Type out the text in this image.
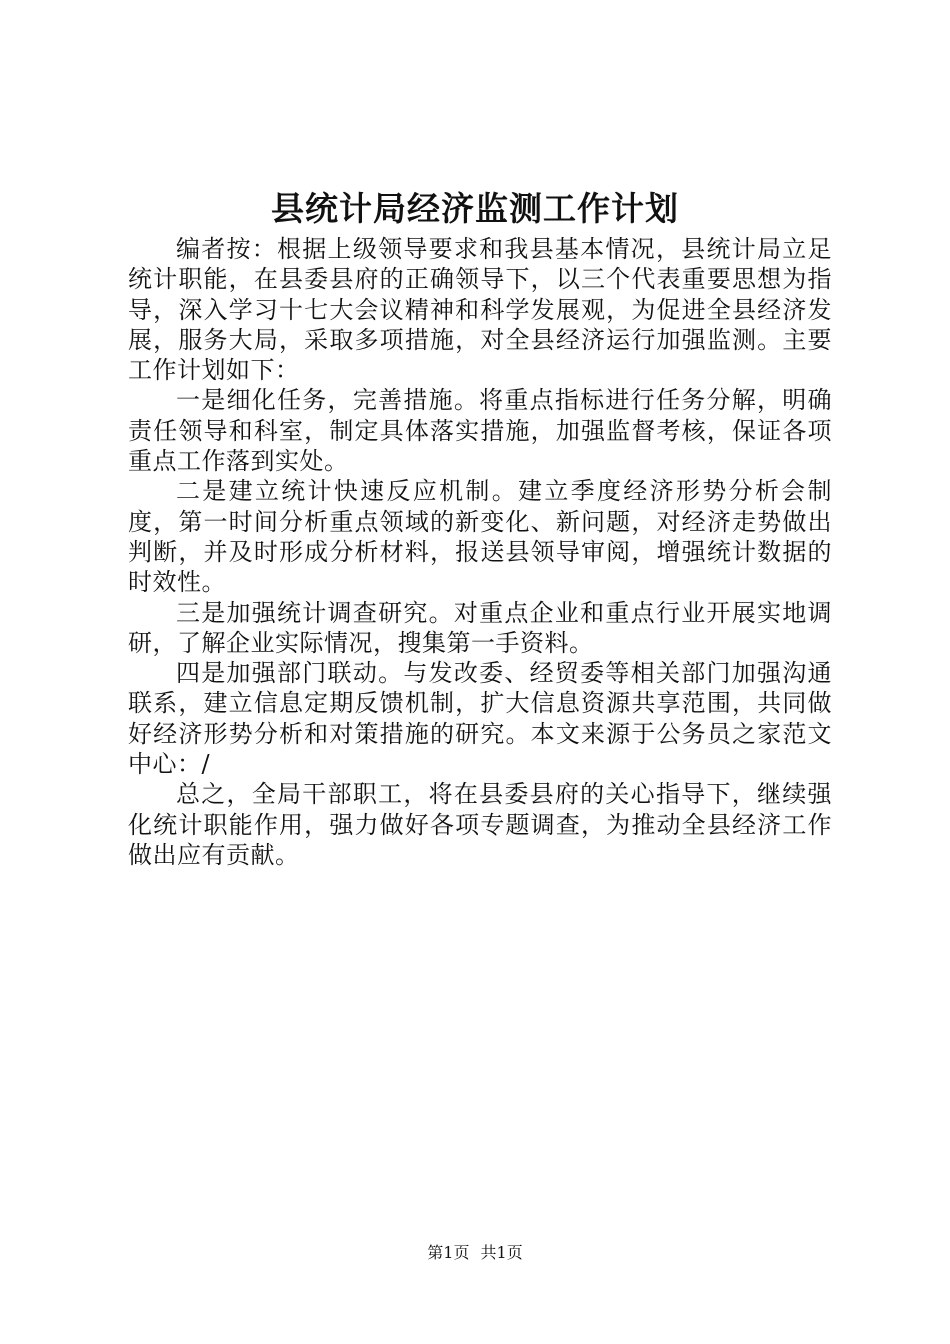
县统计局经济监测工作计划

编者按：根据上级领导要求和我县基本情况，县统计局立足统计职能，在县委县府的正确领导下，以三个代表重要思想为指导，深入学习十七大会议精神和科学发展观，为促进全县经济发展，服务大局，采取多项措施，对全县经济运行加强监测。主要工作计划如下：

一是细化任务，完善措施。将重点指标进行任务分解，明确责任领导和科室，制定具体落实措施，加强监督考核，保证各项重点工作落到实处。

二是建立统计快速反应机制。建立季度经济形势分析会制度，第一时间分析重点领域的新变化、新问题，对经济走势做出判断，并及时形成分析材料，报送县领导审阅，增强统计数据的时效性。

三是加强统计调查研究。对重点企业和重点行业开展实地调研，了解企业实际情况，搜集第一手资料。

四是加强部门联动。与发改委、经贸委等相关部门加强沟通联系，建立信息定期反馈机制，扩大信息资源共享范围，共同做好经济形势分析和对策措施的研究。本文来源于公务员之家范文中心：/

总之，全局干部职工，将在县委县府的关心指导下，继续强化统计职能作用，强力做好各项专题调查，为推动全县经济工作做出应有贡献。

第1页 共1页
